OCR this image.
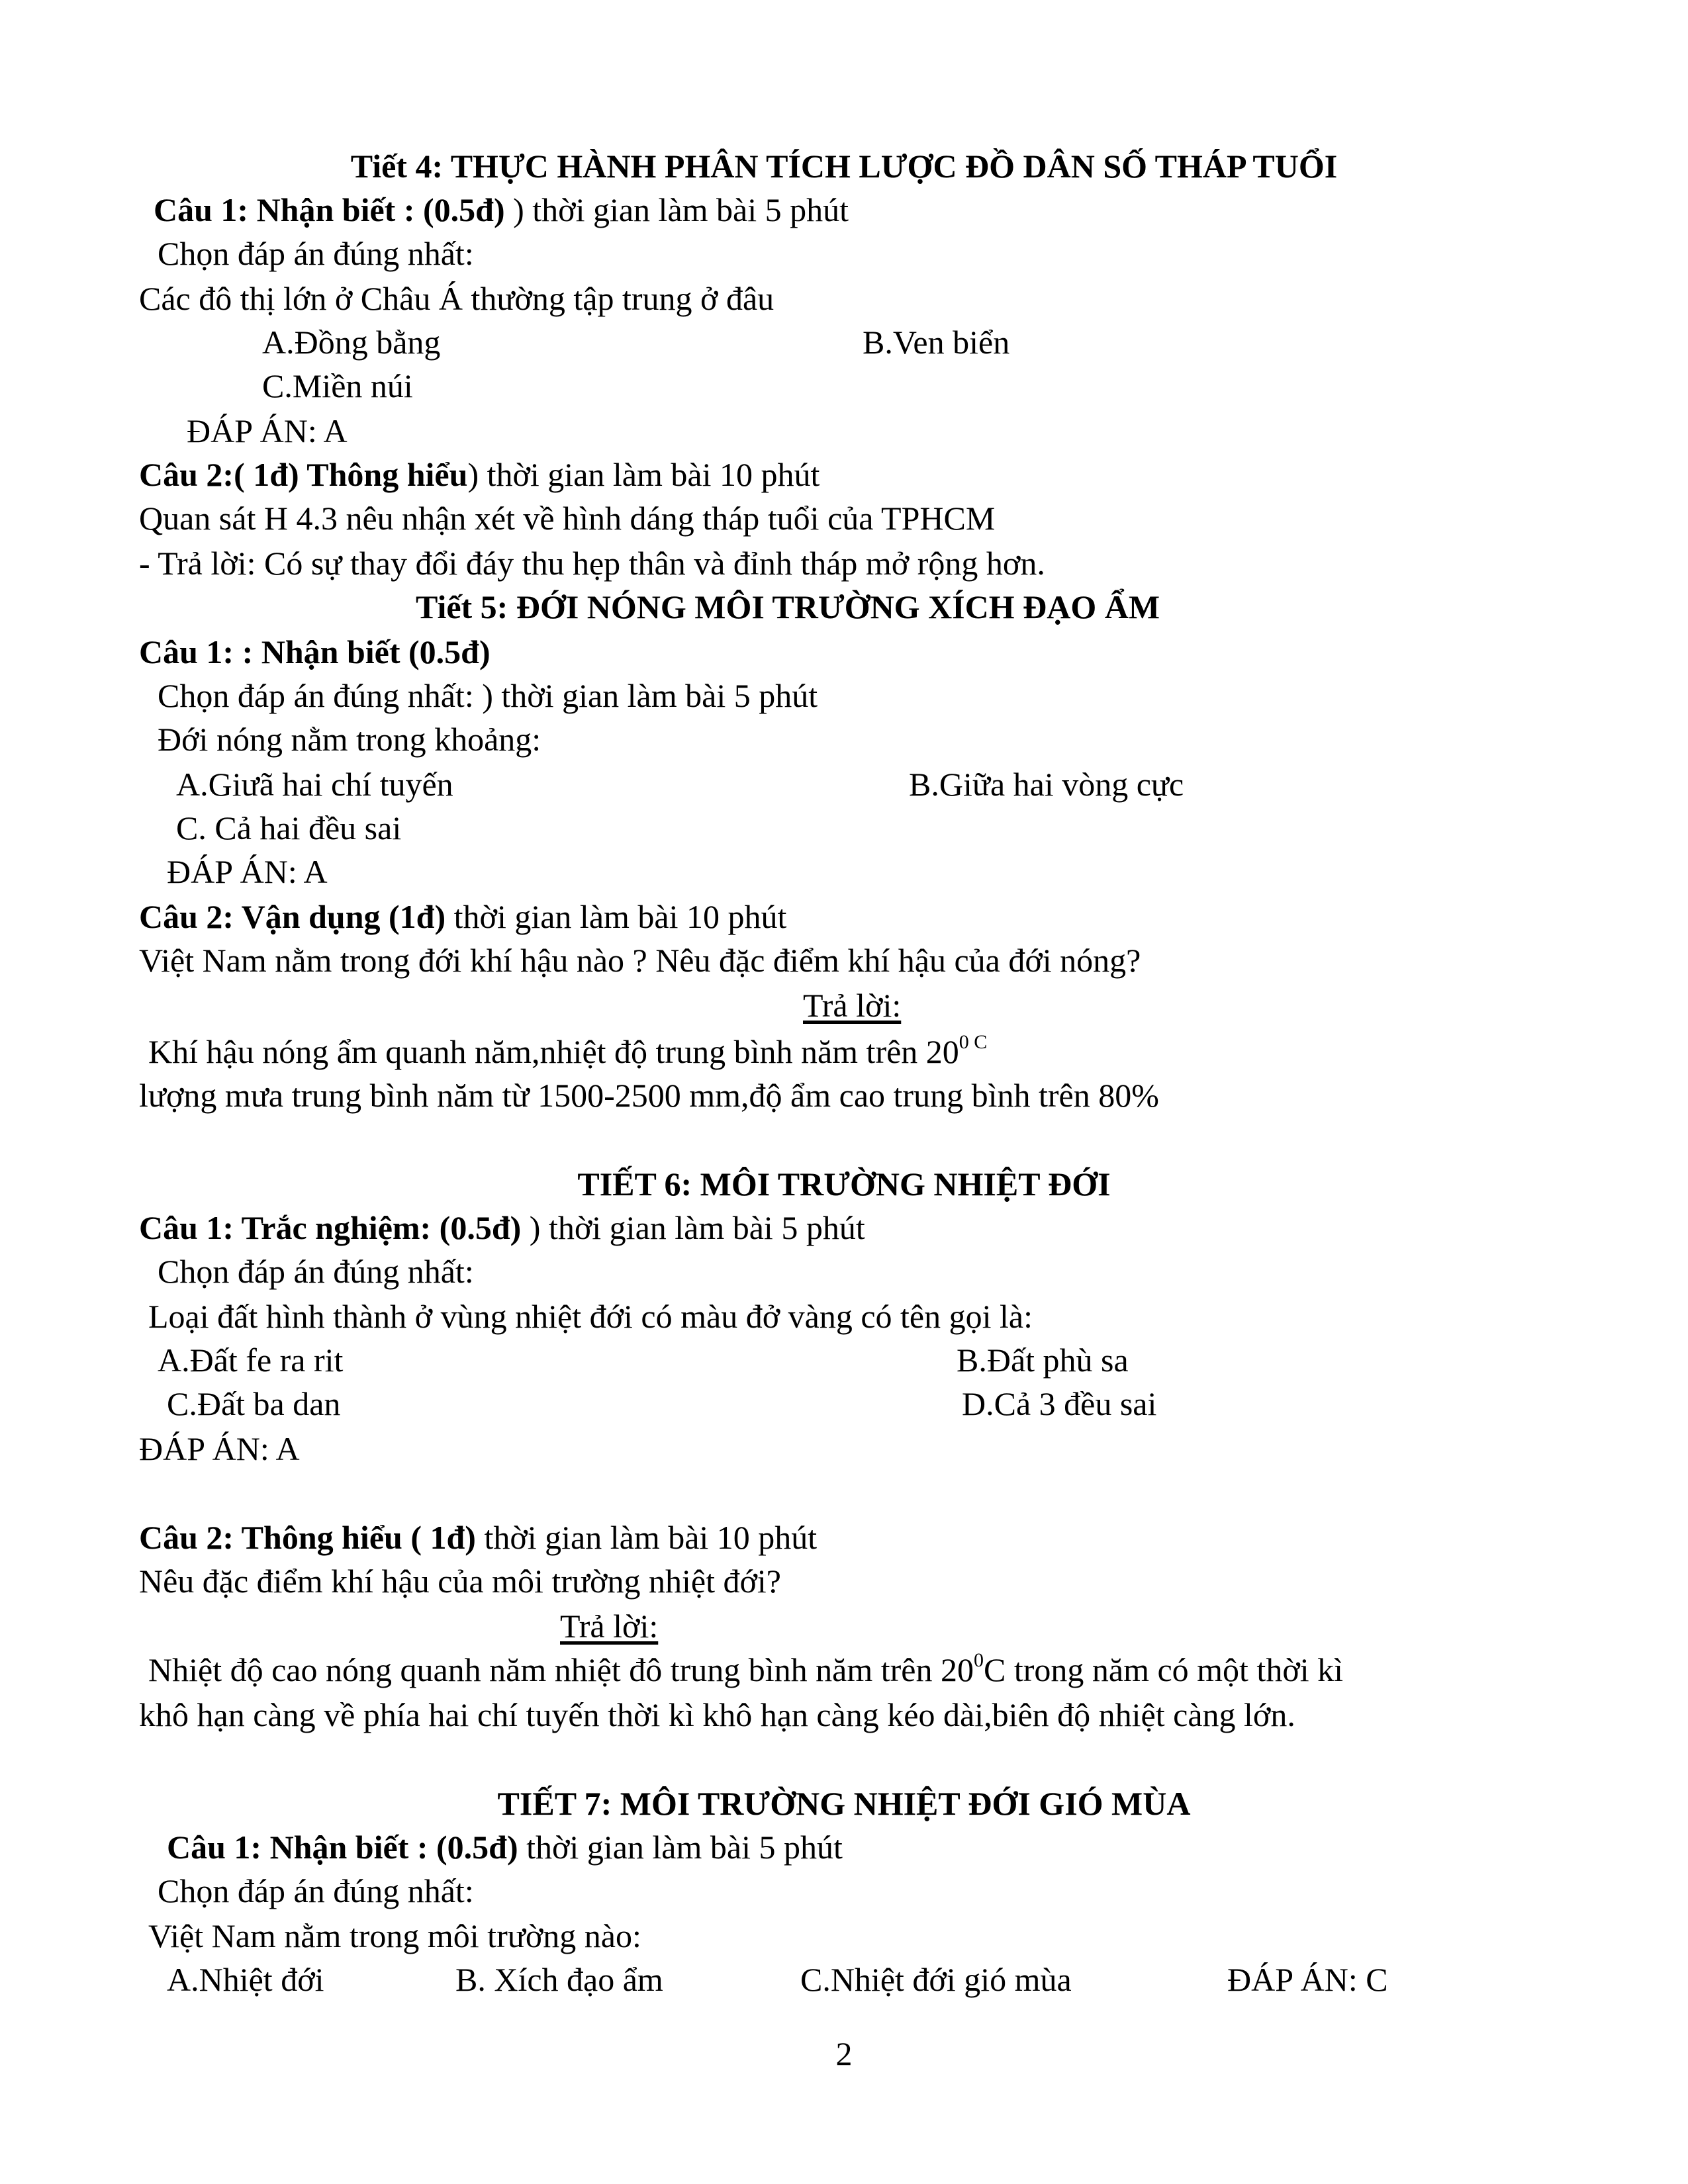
Tiết 4: THỰC HÀNH PHÂN TÍCH LƯỢC ĐỒ DÂN SỐ THÁP TUỔI
Câu 1: Nhận biết : (0.5đ) ) thời gian làm bài 5 phút
Chọn đáp án đúng nhất:
Các đô thị lớn ở Châu Á thường tập trung ở đâu
A.Đồng bằng	B.Ven biển
C.Miền núi
ĐÁP ÁN: A
Câu 2:( 1đ) Thông hiểu) thời gian làm bài 10 phút
Quan sát H 4.3 nêu nhận xét về hình dáng tháp tuổi của TPHCM
- Trả lời: Có sự thay đổi đáy thu hẹp thân và đỉnh tháp mở rộng hơn.
Tiết 5: ĐỚI NÓNG MÔI TRƯỜNG XÍCH ĐẠO ẨM
Câu 1: : Nhận biết (0.5đ)
Chọn đáp án đúng nhất: ) thời gian làm bài 5 phút
Đới nóng nằm trong khoảng:
A.Giưã hai chí tuyến	B.Giữa hai vòng cực
C. Cả hai đều sai
ĐÁP ÁN: A
Câu 2: Vận dụng (1đ) thời gian làm bài 10 phút
Việt Nam nằm trong đới khí hậu nào ? Nêu đặc điểm khí hậu của đới nóng?
Trả lời:
Khí hậu nóng ẩm quanh năm,nhiệt độ trung bình năm trên $20^{0 C}$
lượng mưa trung bình năm từ 1500-2500 mm,độ ẩm cao trung bình trên 80%
TIẾT 6: MÔI TRƯỜNG NHIỆT ĐỚI
Câu 1: Trắc nghiệm: (0.5đ) ) thời gian làm bài 5 phút
Chọn đáp án đúng nhất:
Loại đất hình thành ở vùng nhiệt đới có màu đở vàng có tên gọi là:
A.Đất fe ra rit	B.Đất phù sa
C.Đất ba dan	D.Cả 3 đều sai
ĐÁP ÁN: A
Câu 2: Thông hiểu ( 1đ) thời gian làm bài 10 phút
Nêu đặc điểm khí hậu của môi trường nhiệt đới?
Trả lời:
Nhiệt độ cao nóng quanh năm nhiệt đô trung bình năm trên $20^0C$ trong năm có một thời kì
khô hạn càng về phía hai chí tuyến thời kì khô hạn càng kéo dài,biên độ nhiệt càng lớn.
TIẾT 7: MÔI TRƯỜNG NHIỆT ĐỚI GIÓ MÙA
Câu 1: Nhận biết : (0.5đ) thời gian làm bài 5 phút
Chọn đáp án đúng nhất:
Việt Nam nằm trong môi trường nào:
A.Nhiệt đới	B. Xích đạo ẩm	C.Nhiệt đới gió mùa	ĐÁP ÁN: C
2
